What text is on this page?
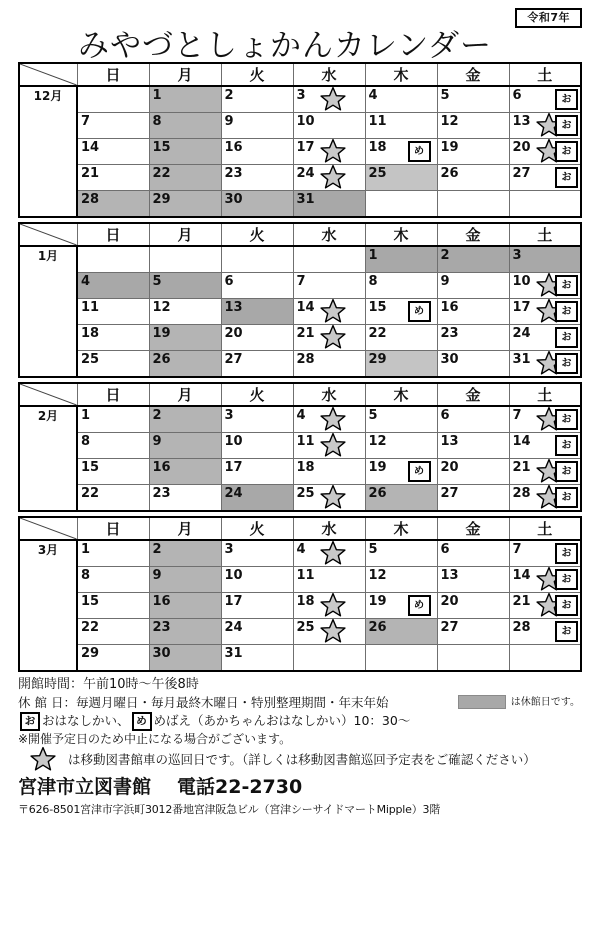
令和7年
みやづとしょかんカレンダー
	日	月	火	水	木	金	土
12月		1	2	3	4	5	6 お

	7	8	9	10	11	12	13 お

	14	15	16	17	18 め	19	20 お

	21	22	23	24	25	26	27 お

	28	29	30	31			

	日	月	火	水	木	金	土
1月					1	2	3

	4	5	6	7	8	9	10 お

	11	12	13	14	15 め	16	17 お

	18	19	20	21	22	23	24 お

	25	26	27	28	29	30	31 お
	日	月	火	水	木	金	土
2月	1	2	3	4	5	6	7 お

	8	9	10	11	12	13	14 お

	15	16	17	18	19 め	20	21 お

	22	23	24	25	26	27	28 お
	日	月	火	水	木	金	土
3月	1	2	3	4	5	6	7 お

	8	9	10	11	12	13	14 お

	15	16	17	18	19 め	20	21 お

	22	23	24	25	26	27	28 お

	29	30	31				

開館時間：午前10時～午後8時
休 館 日：毎週月曜日・毎月最終木曜日・特別整理期間・年末年始	は休館日です。
お おはなしかい、 め めばえ（あかちゃんおはなしかい）10：30～
※開催予定日のため中止になる場合がございます。
は移動図書館車の巡回日です。（詳しくは移動図書館巡回予定表をご確認ください）
宮津市立図書館 電話22-2730
〒626-8501宮津市字浜町3012番地宮津阪急ビル（宮津シーサイドマートMipple）3階
